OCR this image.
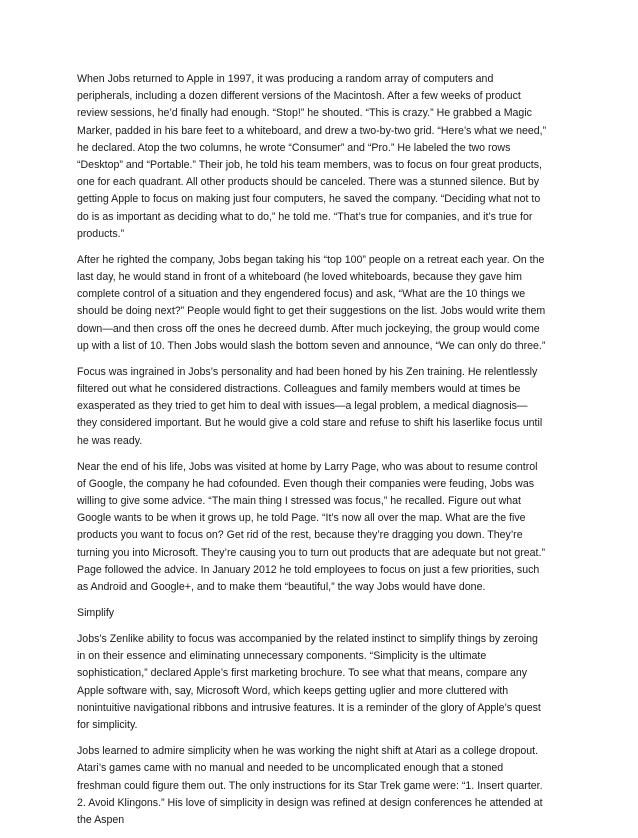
When Jobs returned to Apple in 1997, it was producing a random array of computers and peripherals, including a dozen different versions of the Macintosh. After a few weeks of product review sessions, he’d finally had enough. “Stop!” he shouted. “This is crazy.” He grabbed a Magic Marker, padded in his bare feet to a whiteboard, and drew a two-by-two grid. “Here’s what we need,” he declared. Atop the two columns, he wrote “Consumer” and “Pro.” He labeled the two rows “Desktop” and “Portable.” Their job, he told his team members, was to focus on four great products, one for each quadrant. All other products should be canceled. There was a stunned silence. But by getting Apple to focus on making just four computers, he saved the company. “Deciding what not to do is as important as deciding what to do,” he told me. “That’s true for companies, and it’s true for products.”

After he righted the company, Jobs began taking his “top 100” people on a retreat each year. On the last day, he would stand in front of a whiteboard (he loved whiteboards, because they gave him complete control of a situation and they engendered focus) and ask, “What are the 10 things we should be doing next?” People would fight to get their suggestions on the list. Jobs would write them down—and then cross off the ones he decreed dumb. After much jockeying, the group would come up with a list of 10. Then Jobs would slash the bottom seven and announce, “We can only do three.”

Focus was ingrained in Jobs’s personality and had been honed by his Zen training. He relentlessly filtered out what he considered distractions. Colleagues and family members would at times be exasperated as they tried to get him to deal with issues—a legal problem, a medical diagnosis—they considered important. But he would give a cold stare and refuse to shift his laserlike focus until he was ready.

Near the end of his life, Jobs was visited at home by Larry Page, who was about to resume control of Google, the company he had cofounded. Even though their companies were feuding, Jobs was willing to give some advice. “The main thing I stressed was focus,” he recalled. Figure out what Google wants to be when it grows up, he told Page. “It’s now all over the map. What are the five products you want to focus on? Get rid of the rest, because they’re dragging you down. They’re turning you into Microsoft. They’re causing you to turn out products that are adequate but not great.” Page followed the advice. In January 2012 he told employees to focus on just a few priorities, such as Android and Google+, and to make them “beautiful,” the way Jobs would have done.

Simplify

Jobs’s Zenlike ability to focus was accompanied by the related instinct to simplify things by zeroing in on their essence and eliminating unnecessary components. “Simplicity is the ultimate sophistication,” declared Apple’s first marketing brochure. To see what that means, compare any Apple software with, say, Microsoft Word, which keeps getting uglier and more cluttered with nonintuitive navigational ribbons and intrusive features. It is a reminder of the glory of Apple’s quest for simplicity.

Jobs learned to admire simplicity when he was working the night shift at Atari as a college dropout. Atari’s games came with no manual and needed to be uncomplicated enough that a stoned freshman could figure them out. The only instructions for its Star Trek game were: “1. Insert quarter. 2. Avoid Klingons.” His love of simplicity in design was refined at design conferences he attended at the Aspen
